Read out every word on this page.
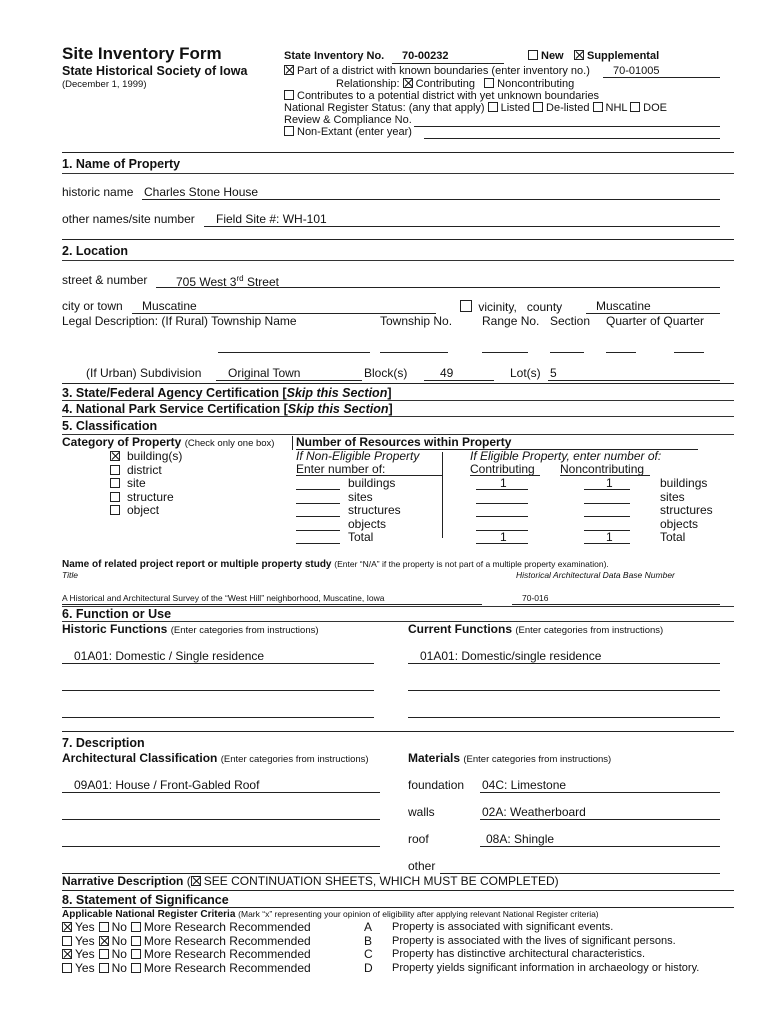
Site Inventory Form
State Historical Society of Iowa
(December 1, 1999)
State Inventory No. 70-00232	New	Supplemental
Part of a district with known boundaries (enter inventory no.) 70-01005
Relationship: Contributing Noncontributing
Contributes to a potential district with yet unknown boundaries
National Register Status: (any that apply) Listed De-listed NHL DOE
Review & Compliance No.
Non-Extant (enter year)
1. Name of Property
historic name Charles Stone House
other names/site number Field Site #: WH-101
2. Location
street & number 705 West 3rd Street
city or town Muscatine	vicinity, county	Muscatine
Legal Description: (If Rural) Township Name	Township No. Range No. Section Quarter of Quarter
(If Urban) Subdivision Original Town	Block(s)	49	Lot(s) 5
3. State/Federal Agency Certification [Skip this Section]
4. National Park Service Certification [Skip this Section]
5. Classification
Category of Property (Check only one box)
building(s)
district
site
structure
object
Number of Resources within Property
If Non-Eligible Property	If Eligible Property, enter number of:
Enter number of:	Contributing Noncontributing
buildings	1	1	buildings
sites	sites
structures	structures
objects	objects
Total	1	1	Total
Name of related project report or multiple property study (Enter “N/A” if the property is not part of a multiple property examination).
Title	Historical Architectural Data Base Number
A Historical and Architectural Survey of the “West Hill” neighborhood, Muscatine, Iowa	70-016
6. Function or Use
Historic Functions (Enter categories from instructions)	Current Functions (Enter categories from instructions)
01A01: Domestic / Single residence	01A01: Domestic/single residence
7. Description
Architectural Classification (Enter categories from instructions)	Materials (Enter categories from instructions)
09A01: House / Front-Gabled Roof	foundation 04C: Limestone
walls	02A: Weatherboard
roof	08A: Shingle
other
Narrative Description ( SEE CONTINUATION SHEETS, WHICH MUST BE COMPLETED)
8. Statement of Significance
Applicable National Register Criteria (Mark “x” representing your opinion of eligibility after applying relevant National Register criteria)
Yes No More Research Recommended	A Property is associated with significant events.
Yes No More Research Recommended	B Property is associated with the lives of significant persons.
Yes No More Research Recommended	C Property has distinctive architectural characteristics.
Yes No More Research Recommended	D Property yields significant information in archaeology or history.
